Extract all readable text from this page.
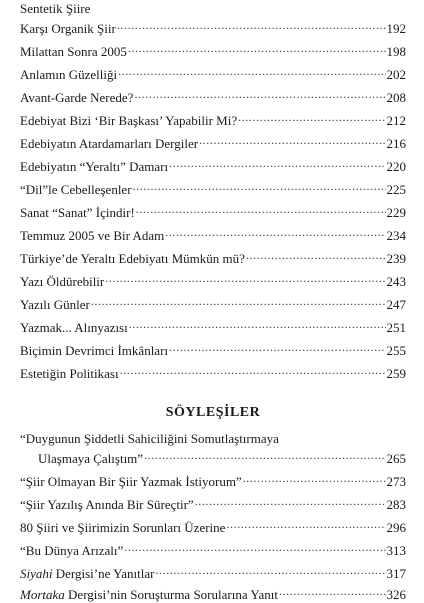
Sentetik Şiire
Karşı Organik Şiir .....	192
Milattan Sonra 2005 .....	198
Anlamın Güzelliği .....	202
Avant-Garde Nerede? .....	208
Edebiyat Bizi ‘Bir Başkası’ Yapabilir Mi? .....	212
Edebiyatın Atardamarları Dergiler .....	216
Edebiyatın “Yeraltı” Damarı .....	220
“Dil”le Cebelleşenler .....	225
Sanat “Sanat” İçindir! .....	229
Temmuz 2005 ve Bir Adam .....	234
Türkiye’de Yeraltı Edebiyatı Mümkün mü? .....	239
Yazı Öldürebilir .....	243
Yazılı Günler .....	247
Yazmak... Alınyazısı .....	251
Biçimin Devrimci İmkânları .....	255
Estetiğin Politikası .....	259
SÖYLEŞİLER
“Duygunun Şiddetli Sahiciliğini Somutlaştırmaya
Ulaşmaya Çalıştım” .....	265
“Şiir Olmayan Bir Şiir Yazmak İstiyorum” .....	273
“Şiir Yazılış Anında Bir Süreçtir” .....	283
80 Şiiri ve Şiirimizin Sorunları Üzerine .....	296
“Bu Dünya Arızalı” .....	313
Siyahi Dergisi’ne Yanıtlar .....	317
Mortaka Dergisi’nin Soruşturma Sorularına Yanıt .....	326
